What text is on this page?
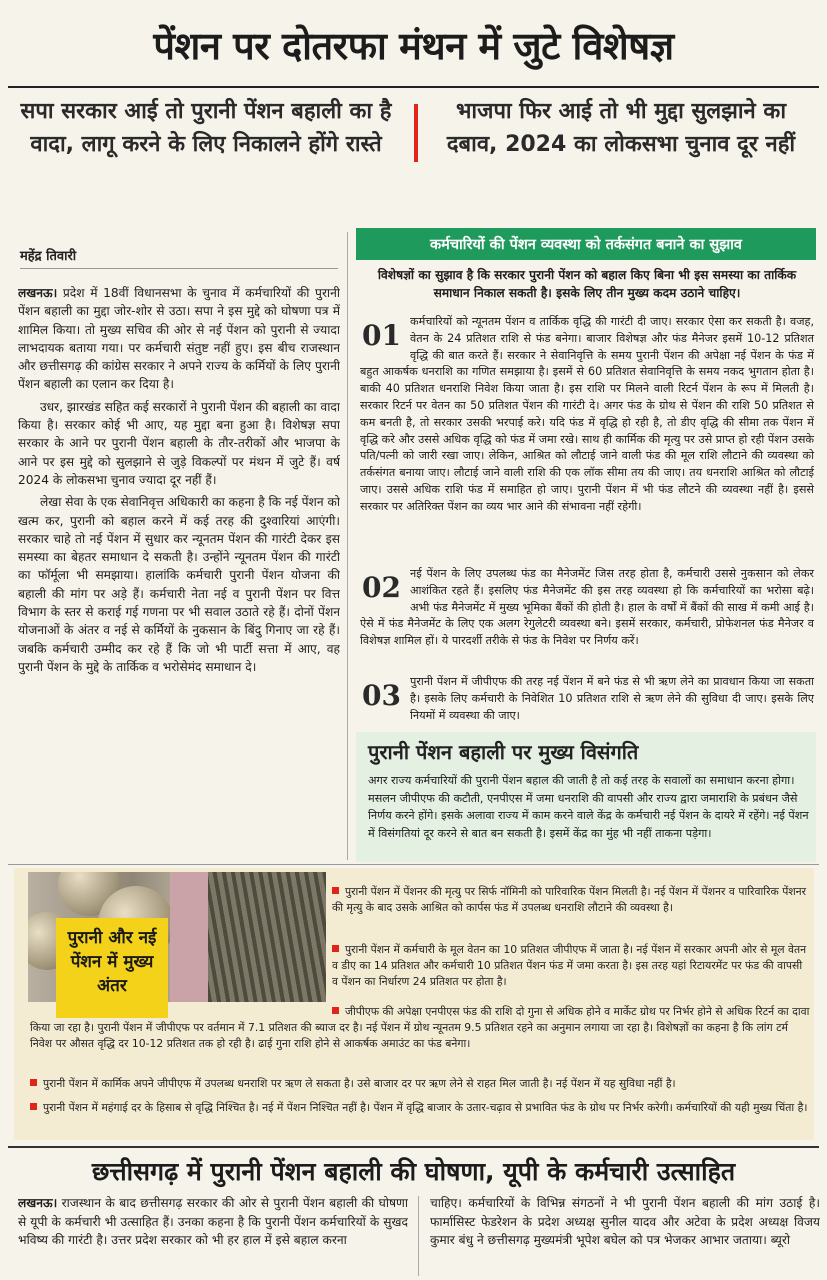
पेंशन पर दोतरफा मंथन में जुटे विशेषज्ञ
सपा सरकार आई तो पुरानी पेंशन बहाली का है वादा, लागू करने के लिए निकालने होंगे रास्ते
भाजपा फिर आई तो भी मुद्दा सुलझाने का दबाव, 2024 का लोकसभा चुनाव दूर नहीं
महेंद्र तिवारी

लखनऊ। प्रदेश में 18वीं विधानसभा के चुनाव में कर्मचारियों की पुरानी पेंशन बहाली का मुद्दा जोर-शोर से उठा। सपा ने इस मुद्दे को घोषणा पत्र में शामिल किया। तो मुख्य सचिव की ओर से नई पेंशन को पुरानी से ज्यादा लाभदायक बताया गया। पर कर्मचारी संतुष्ट नहीं हुए। इस बीच राजस्थान और छत्तीसगढ़ की कांग्रेस सरकार ने अपने राज्य के कर्मियों के लिए पुरानी पेंशन बहाली का एलान कर दिया है।

उधर, झारखंड सहित कई सरकारों ने पुरानी पेंशन की बहाली का वादा किया है। सरकार कोई भी आए, यह मुद्दा बना हुआ है। विशेषज्ञ सपा सरकार के आने पर पुरानी पेंशन बहाली के तौर-तरीकों और भाजपा के आने पर इस मुद्दे को सुलझाने से जुड़े विकल्पों पर मंथन में जुटे हैं। वर्ष 2024 के लोकसभा चुनाव ज्यादा दूर नहीं हैं।

लेखा सेवा के एक सेवानिवृत्त अधिकारी का कहना है कि नई पेंशन को खत्म कर, पुरानी को बहाल करने में कई तरह की दुश्वारियां आएंगी। सरकार चाहे तो नई पेंशन में सुधार कर न्यूनतम पेंशन की गारंटी देकर इस समस्या का बेहतर समाधान दे सकती है। उन्होंने न्यूनतम पेंशन की गारंटी का फॉर्मूला भी समझाया। हालांकि कर्मचारी पुरानी पेंशन योजना की बहाली की मांग पर अड़े हैं। कर्मचारी नेता नई व पुरानी पेंशन पर वित्त विभाग के स्तर से कराई गई गणना पर भी सवाल उठाते रहे हैं। दोनों पेंशन योजनाओं के अंतर व नई से कर्मियों के नुकसान के बिंदु गिनाए जा रहे हैं। जबकि कर्मचारी उम्मीद कर रहे हैं कि जो भी पार्टी सत्ता में आए, वह पुरानी पेंशन के मुद्दे के तार्किक व भरोसेमंद समाधान दे।

कर्मचारियों की पेंशन व्यवस्था को तर्कसंगत बनाने का सुझाव
विशेषज्ञों का सुझाव है कि सरकार पुरानी पेंशन को बहाल किए बिना भी इस समस्या का तार्किक समाधान निकाल सकती है। इसके लिए तीन मुख्य कदम उठाने चाहिए।
01 कर्मचारियों को न्यूनतम पेंशन व तार्किक वृद्धि की गारंटी दी जाए। सरकार ऐसा कर सकती है। वजह, वेतन के 24 प्रतिशत राशि से फंड बनेगा। बाजार विशेषज्ञ और फंड मैनेजर इसमें 10-12 प्रतिशत वृद्धि की बात करते हैं। सरकार ने सेवानिवृत्ति के समय पुरानी पेंशन की अपेक्षा नई पेंशन के फंड में बहुत आकर्षक धनराशि का गणित समझाया है। इसमें से 60 प्रतिशत सेवानिवृत्ति के समय नकद भुगतान होता है। बाकी 40 प्रतिशत धनराशि निवेश किया जाता है। इस राशि पर मिलने वाली रिटर्न पेंशन के रूप में मिलती है। सरकार रिटर्न पर वेतन का 50 प्रतिशत पेंशन की गारंटी दे। अगर फंड के ग्रोथ से पेंशन की राशि 50 प्रतिशत से कम बनती है, तो सरकार उसकी भरपाई करे। यदि फंड में वृद्धि हो रही है, तो डीए वृद्धि की सीमा तक पेंशन में वृद्धि करे और उससे अधिक वृद्धि को फंड में जमा रखे। साथ ही कार्मिक की मृत्यु पर उसे प्राप्त हो रही पेंशन उसके पति/पत्नी को जारी रखा जाए। लेकिन, आश्रित को लौटाई जाने वाली फंड की मूल राशि लौटाने की व्यवस्था को तर्कसंगत बनाया जाए। लौटाई जाने वाली राशि की एक लॉक सीमा तय की जाए। तय धनराशि आश्रित को लौटाई जाए। उससे अधिक राशि फंड में समाहित हो जाए। पुरानी पेंशन में भी फंड लौटने की व्यवस्था नहीं है। इससे सरकार पर अतिरिक्त पेंशन का व्यय भार आने की संभावना नहीं रहेगी।
02 नई पेंशन के लिए उपलब्ध फंड का मैनेजमेंट जिस तरह होता है, कर्मचारी उससे नुकसान को लेकर आशंकित रहते हैं। इसलिए फंड मैनेजमेंट की इस तरह व्यवस्था हो कि कर्मचारियों का भरोसा बढ़े। अभी फंड मैनेजमेंट में मुख्य भूमिका बैंकों की होती है। हाल के वर्षों में बैंकों की साख में कमी आई है। ऐसे में फंड मैनेजमेंट के लिए एक अलग रेगुलेटरी व्यवस्था बने। इसमें सरकार, कर्मचारी, प्रोफेशनल फंड मैनेजर व विशेषज्ञ शामिल हों। ये पारदर्शी तरीके से फंड के निवेश पर निर्णय करें।
03 पुरानी पेंशन में जीपीएफ की तरह नई पेंशन में बने फंड से भी ऋण लेने का प्रावधान किया जा सकता है। इसके लिए कर्मचारी के निवेशित 10 प्रतिशत राशि से ऋण लेने की सुविधा दी जाए। इसके लिए नियमों में व्यवस्था की जाए।
पुरानी पेंशन बहाली पर मुख्य विसंगति
अगर राज्य कर्मचारियों की पुरानी पेंशन बहाल की जाती है तो कई तरह के सवालों का समाधान करना होगा। मसलन जीपीएफ की कटौती, एनपीएस में जमा धनराशि की वापसी और राज्य द्वारा जमाराशि के प्रबंधन जैसे निर्णय करने होंगे। इसके अलावा राज्य में काम करने वाले केंद्र के कर्मचारी नई पेंशन के दायरे में रहेंगे। नई पेंशन में विसंगतियां दूर करने से बात बन सकती है। इसमें केंद्र का मुंह भी नहीं ताकना पड़ेगा।
पुरानी और नई पेंशन में मुख्य अंतर
पुरानी पेंशन में पेंशनर की मृत्यु पर सिर्फ नॉमिनी को पारिवारिक पेंशन मिलती है। नई पेंशन में पेंशनर व पारिवारिक पेंशनर की मृत्यु के बाद उसके आश्रित को कार्पस फंड में उपलब्ध धनराशि लौटाने की व्यवस्था है।
पुरानी पेंशन में कर्मचारी के मूल वेतन का 10 प्रतिशत जीपीएफ में जाता है। नई पेंशन में सरकार अपनी ओर से मूल वेतन व डीए का 14 प्रतिशत और कर्मचारी 10 प्रतिशत पेंशन फंड में जमा करता है। इस तरह यहां रिटायरमेंट पर फंड की वापसी व पेंशन का निर्धारण 24 प्रतिशत पर होता है।
जीपीएफ की अपेक्षा एनपीएस फंड की राशि दो गुना से अधिक होने व मार्केट ग्रोथ पर निर्भर होने से अधिक रिटर्न का दावा किया जा रहा है। पुरानी पेंशन में जीपीएफ पर वर्तमान में 7.1 प्रतिशत की ब्याज दर है। नई पेंशन में ग्रोथ न्यूनतम 9.5 प्रतिशत रहने का अनुमान लगाया जा रहा है। विशेषज्ञों का कहना है कि लांग टर्म निवेश पर औसत वृद्धि दर 10-12 प्रतिशत तक हो रही है। ढाई गुना राशि होने से आकर्षक अमाउंट का फंड बनेगा।
पुरानी पेंशन में कार्मिक अपने जीपीएफ में उपलब्ध धनराशि पर ऋण ले सकता है। उसे बाजार दर पर ऋण लेने से राहत मिल जाती है। नई पेंशन में यह सुविधा नहीं है।
पुरानी पेंशन में महंगाई दर के हिसाब से वृद्धि निश्चित है। नई में पेंशन निश्चित नहीं है। पेंशन में वृद्धि बाजार के उतार-चढ़ाव से प्रभावित फंड के ग्रोथ पर निर्भर करेगी। कर्मचारियों की यही मुख्य चिंता है।
छत्तीसगढ़ में पुरानी पेंशन बहाली की घोषणा, यूपी के कर्मचारी उत्साहित
लखनऊ। राजस्थान के बाद छत्तीसगढ़ सरकार की ओर से पुरानी पेंशन बहाली की घोषणा से यूपी के कर्मचारी भी उत्साहित हैं। उनका कहना है कि पुरानी पेंशन कर्मचारियों के सुखद भविष्य की गारंटी है। उत्तर प्रदेश सरकार को भी हर हाल में इसे बहाल करना
चाहिए। कर्मचारियों के विभिन्न संगठनों ने भी पुरानी पेंशन बहाली की मांग उठाई है। फार्मासिस्ट फेडरेशन के प्रदेश अध्यक्ष सुनील यादव और अटेवा के प्रदेश अध्यक्ष विजय कुमार बंधु ने छत्तीसगढ़ मुख्यमंत्री भूपेश बघेल को पत्र भेजकर आभार जताया। ब्यूरो
